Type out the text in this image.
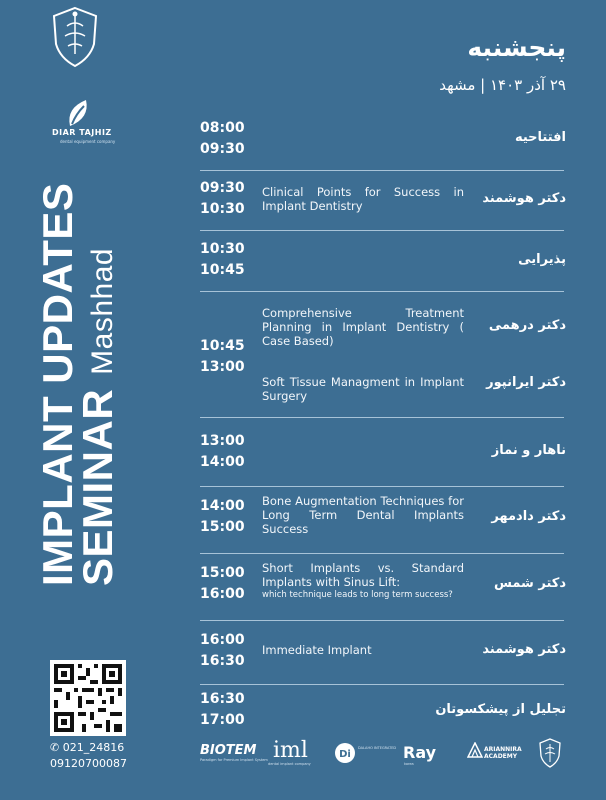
DIAR TAJHIZ
dental equipment company
IMPLANT UPDATES
SEMINARMashhad
✆ 021_24816
09120700087
پنجشنبه
۲۹ آذر ۱۴۰۳ | مشهد
08:00
09:30
افتتاحیه
09:30
10:30
Clinical Points for Success in Implant Dentistry	دکتر هوشمند
10:30
10:45
پذیرایی
10:45
13:00
Comprehensive Treatment Planning in Implant Dentistry ( Case Based)
دکتر درهمی
Soft Tissue Managment in Implant Surgery
دکتر ایرانپور
13:00
14:00
ناهار و نماز
14:00
15:00
Bone Augmentation Techniques for Long Term Dental Implants Success
دکتر دادمهر
15:00
16:00
Short Implants vs. Standard Implants with Sinus Lift:
which technique leads to long term success?
دکتر شمس
16:00
16:30
Immediate Implant	دکتر هوشمند
16:30
17:00
تجلیل از پیشکسوتان
BIOTEM
Paradigm for Premium Implant System iml
dental implant company
Di
DALAHO INTEGRATED Ray
korea
ARIANNIRA
ACADEMY
